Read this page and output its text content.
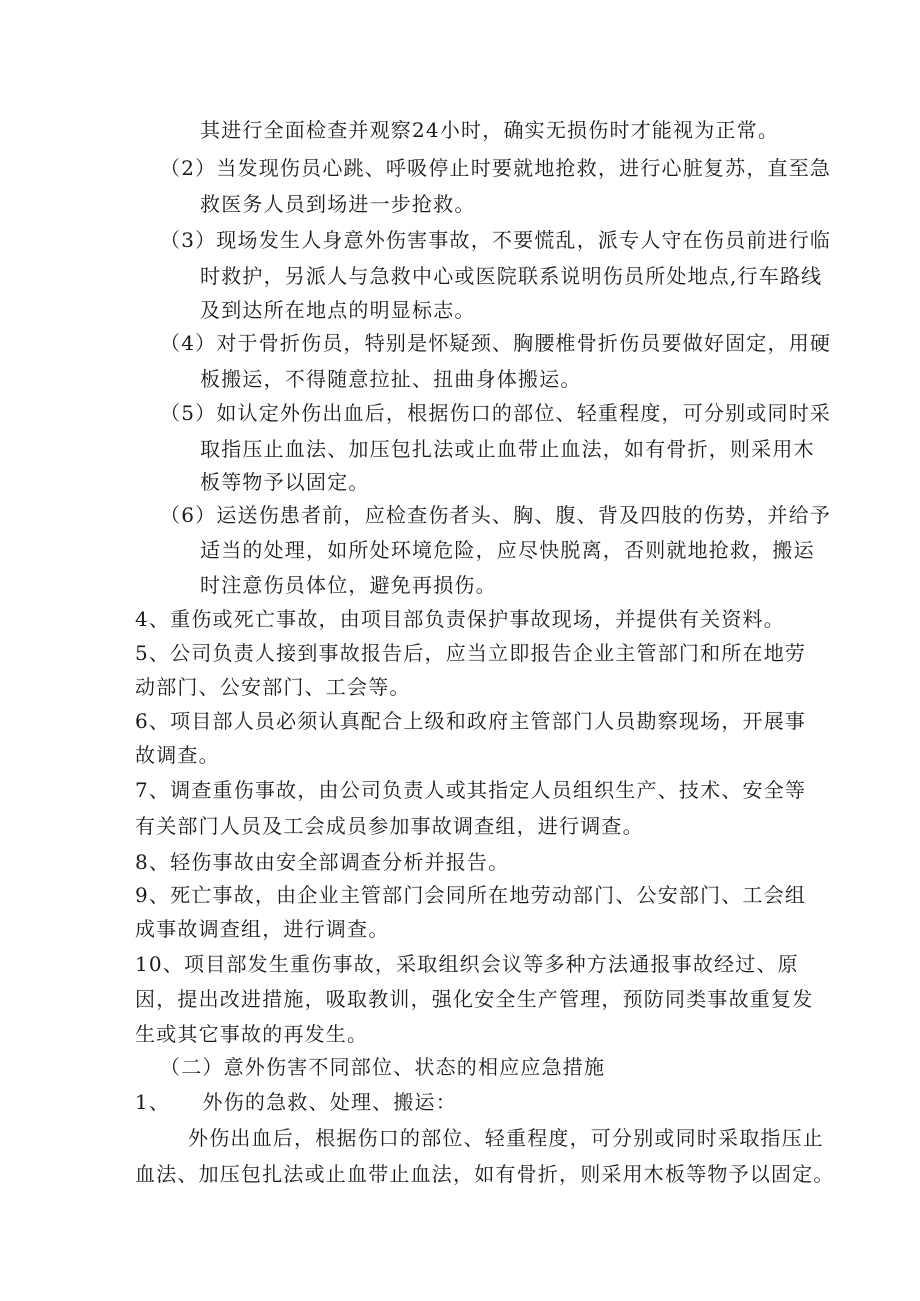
其进行全面检查并观察24小时，确实无损伤时才能视为正常。
（2）当发现伤员心跳、呼吸停止时要就地抢救，进行心脏复苏，直至急
救医务人员到场进一步抢救。
（3）现场发生人身意外伤害事故，不要慌乱，派专人守在伤员前进行临
时救护，另派人与急救中心或医院联系说明伤员所处地点,行车路线
及到达所在地点的明显标志。
（4）对于骨折伤员，特别是怀疑颈、胸腰椎骨折伤员要做好固定，用硬
板搬运，不得随意拉扯、扭曲身体搬运。
（5）如认定外伤出血后，根据伤口的部位、轻重程度，可分别或同时采
取指压止血法、加压包扎法或止血带止血法，如有骨折，则采用木
板等物予以固定。
（6）运送伤患者前，应检查伤者头、胸、腹、背及四肢的伤势，并给予
适当的处理，如所处环境危险，应尽快脱离，否则就地抢救，搬运
时注意伤员体位，避免再损伤。
4、重伤或死亡事故，由项目部负责保护事故现场，并提供有关资料。
5、公司负责人接到事故报告后，应当立即报告企业主管部门和所在地劳
动部门、公安部门、工会等。
6、项目部人员必须认真配合上级和政府主管部门人员勘察现场，开展事
故调查。
7、调查重伤事故，由公司负责人或其指定人员组织生产、技术、安全等
有关部门人员及工会成员参加事故调查组，进行调查。
8、轻伤事故由安全部调查分析并报告。
9、死亡事故，由企业主管部门会同所在地劳动部门、公安部门、工会组
成事故调查组，进行调查。
10、项目部发生重伤事故，采取组织会议等多种方法通报事故经过、原
因，提出改进措施，吸取教训，强化安全生产管理，预防同类事故重复发
生或其它事故的再发生。
（二）意外伤害不同部位、状态的相应应急措施
1、　　外伤的急救、处理、搬运：
外伤出血后，根据伤口的部位、轻重程度，可分别或同时采取指压止
血法、加压包扎法或止血带止血法，如有骨折，则采用木板等物予以固定。
